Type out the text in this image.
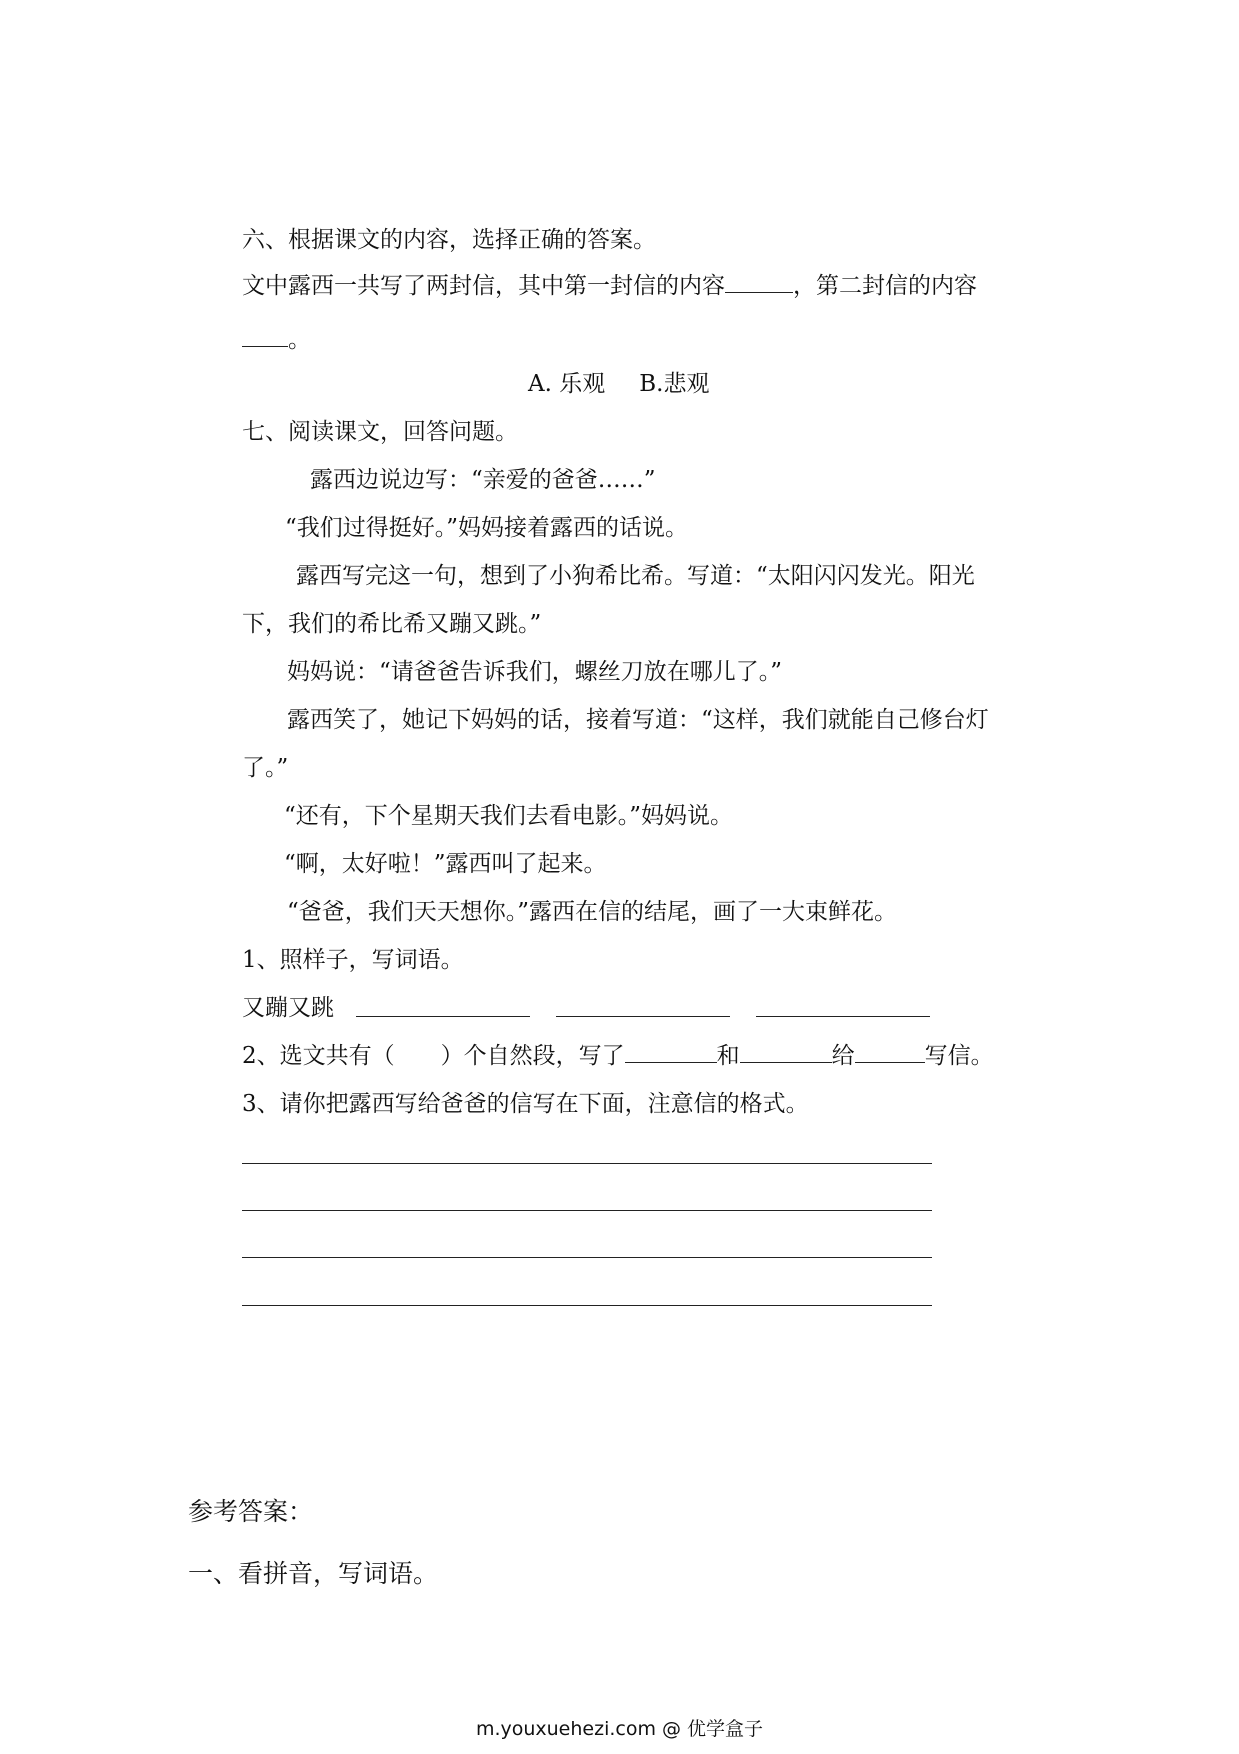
六、根据课文的内容，选择正确的答案。
文中露西一共写了两封信，其中第一封信的内容	，第二封信的内容
。
A. 乐观 B.悲观
七、阅读课文，回答问题。
露西边说边写：“亲爱的爸爸……”
“我们过得挺好。”妈妈接着露西的话说。
露西写完这一句，想到了小狗希比希。写道：“太阳闪闪发光。阳光
下，我们的希比希又蹦又跳。”
妈妈说：“请爸爸告诉我们，螺丝刀放在哪儿了。”
露西笑了，她记下妈妈的话，接着写道：“这样，我们就能自己修台灯
了。”
“还有，下个星期天我们去看电影。”妈妈说。
“啊，太好啦！”露西叫了起来。
“爸爸，我们天天想你。”露西在信的结尾，画了一大束鲜花。
1、照样子，写词语。
又蹦又跳
2、选文共有（　　）个自然段，写了	和	给	写信。
3、请你把露西写给爸爸的信写在下面，注意信的格式。
参考答案：
一、看拼音，写词语。
m.youxuehezi.com @ 优学盒子
